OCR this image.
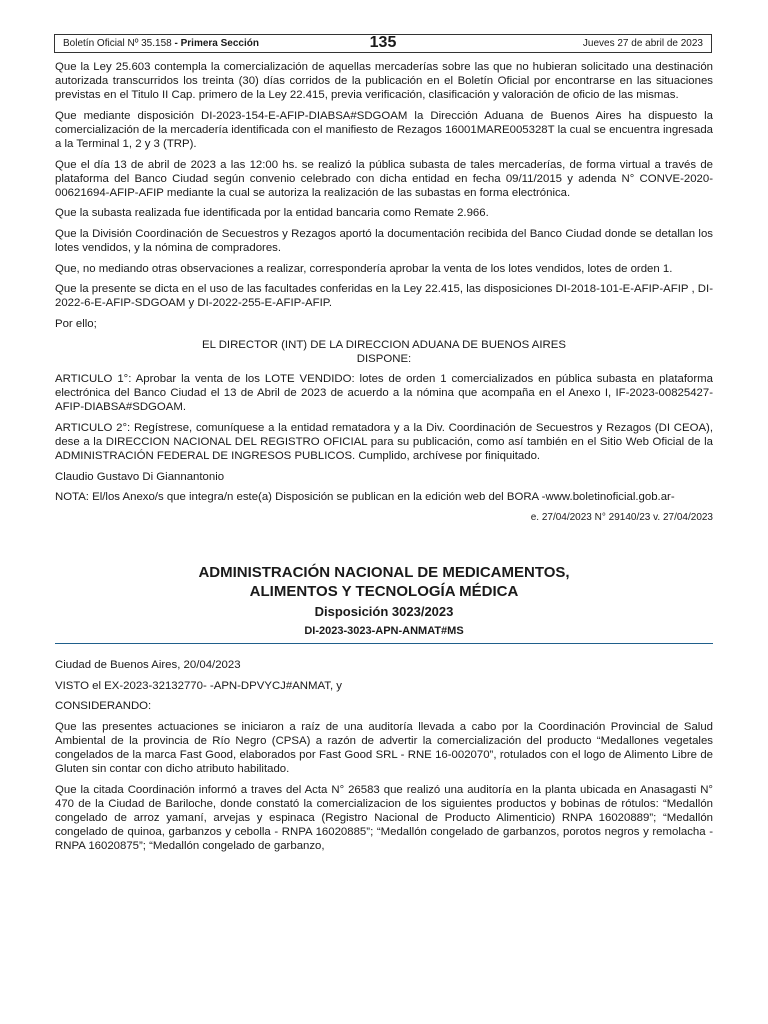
Boletín Oficial Nº 35.158 - Primera Sección	135	Jueves 27 de abril de 2023

Que la Ley 25.603 contempla la comercialización de aquellas mercaderías sobre las que no hubieran solicitado una destinación autorizada transcurridos los treinta (30) días corridos de la publicación en el Boletín Oficial por encontrarse en las situaciones previstas en el Titulo II Cap. primero de la Ley 22.415, previa verificación, clasificación y valoración de oficio de las mismas.

Que mediante disposición DI-2023-154-E-AFIP-DIABSA#SDGOAM la Dirección Aduana de Buenos Aires ha dispuesto la comercialización de la mercadería identificada con el manifiesto de Rezagos 16001MARE005328T la cual se encuentra ingresada a la Terminal 1, 2 y 3 (TRP).

Que el día 13 de abril de 2023 a las 12:00 hs. se realizó la pública subasta de tales mercaderías, de forma virtual a través de plataforma del Banco Ciudad según convenio celebrado con dicha entidad en fecha 09/11/2015 y adenda N° CONVE-2020-00621694-AFIP-AFIP mediante la cual se autoriza la realización de las subastas en forma electrónica.

Que la subasta realizada fue identificada por la entidad bancaria como Remate 2.966.

Que la División Coordinación de Secuestros y Rezagos aportó la documentación recibida del Banco Ciudad donde se detallan los lotes vendidos, y la nómina de compradores.

Que, no mediando otras observaciones a realizar, correspondería aprobar la venta de los lotes vendidos, lotes de orden 1.

Que la presente se dicta en el uso de las facultades conferidas en la Ley 22.415, las disposiciones DI-2018-101-E-AFIP-AFIP , DI-2022-6-E-AFIP-SDGOAM y DI-2022-255-E-AFIP-AFIP.

Por ello;

EL DIRECTOR (INT) DE LA DIRECCION ADUANA DE BUENOS AIRES

DISPONE:

ARTICULO 1°: Aprobar la venta de los LOTE VENDIDO: lotes de orden 1 comercializados en pública subasta en plataforma electrónica del Banco Ciudad el 13 de Abril de 2023 de acuerdo a la nómina que acompaña en el Anexo I, IF-2023-00825427-AFIP-DIABSA#SDGOAM.

ARTICULO 2°: Regístrese, comuníquese a la entidad rematadora y a la Div. Coordinación de Secuestros y Rezagos (DI CEOA), dese a la DIRECCION NACIONAL DEL REGISTRO OFICIAL para su publicación, como así también en el Sitio Web Oficial de la ADMINISTRACIÓN FEDERAL DE INGRESOS PUBLICOS. Cumplido, archívese por finiquitado.

Claudio Gustavo Di Giannantonio

NOTA: El/los Anexo/s que integra/n este(a) Disposición se publican en la edición web del BORA -www.boletinoficial.gob.ar-

e. 27/04/2023 N° 29140/23 v. 27/04/2023

ADMINISTRACIÓN NACIONAL DE MEDICAMENTOS,

ALIMENTOS Y TECNOLOGÍA MÉDICA

Disposición 3023/2023

DI-2023-3023-APN-ANMAT#MS

Ciudad de Buenos Aires, 20/04/2023

VISTO el EX-2023-32132770- -APN-DPVYCJ#ANMAT, y

CONSIDERANDO:

Que las presentes actuaciones se iniciaron a raíz de una auditoría llevada a cabo por la Coordinación Provincial de Salud Ambiental de la provincia de Río Negro (CPSA) a razón de advertir la comercialización del producto “Medallones vegetales congelados de la marca Fast Good, elaborados por Fast Good SRL - RNE 16-002070”, rotulados con el logo de Alimento Libre de Gluten sin contar con dicho atributo habilitado.

Que la citada Coordinación informó a traves del Acta N° 26583 que realizó una auditoría en la planta ubicada en Anasagasti N° 470 de la Ciudad de Bariloche, donde constató la comercializacion de los siguientes productos y bobinas de rótulos: “Medallón congelado de arroz yamaní, arvejas y espinaca (Registro Nacional de Producto Alimenticio) RNPA 16020889”; “Medallón congelado de quinoa, garbanzos y cebolla - RNPA 16020885”; “Medallón congelado de garbanzos, porotos negros y remolacha - RNPA 16020875”; “Medallón congelado de garbanzo,
